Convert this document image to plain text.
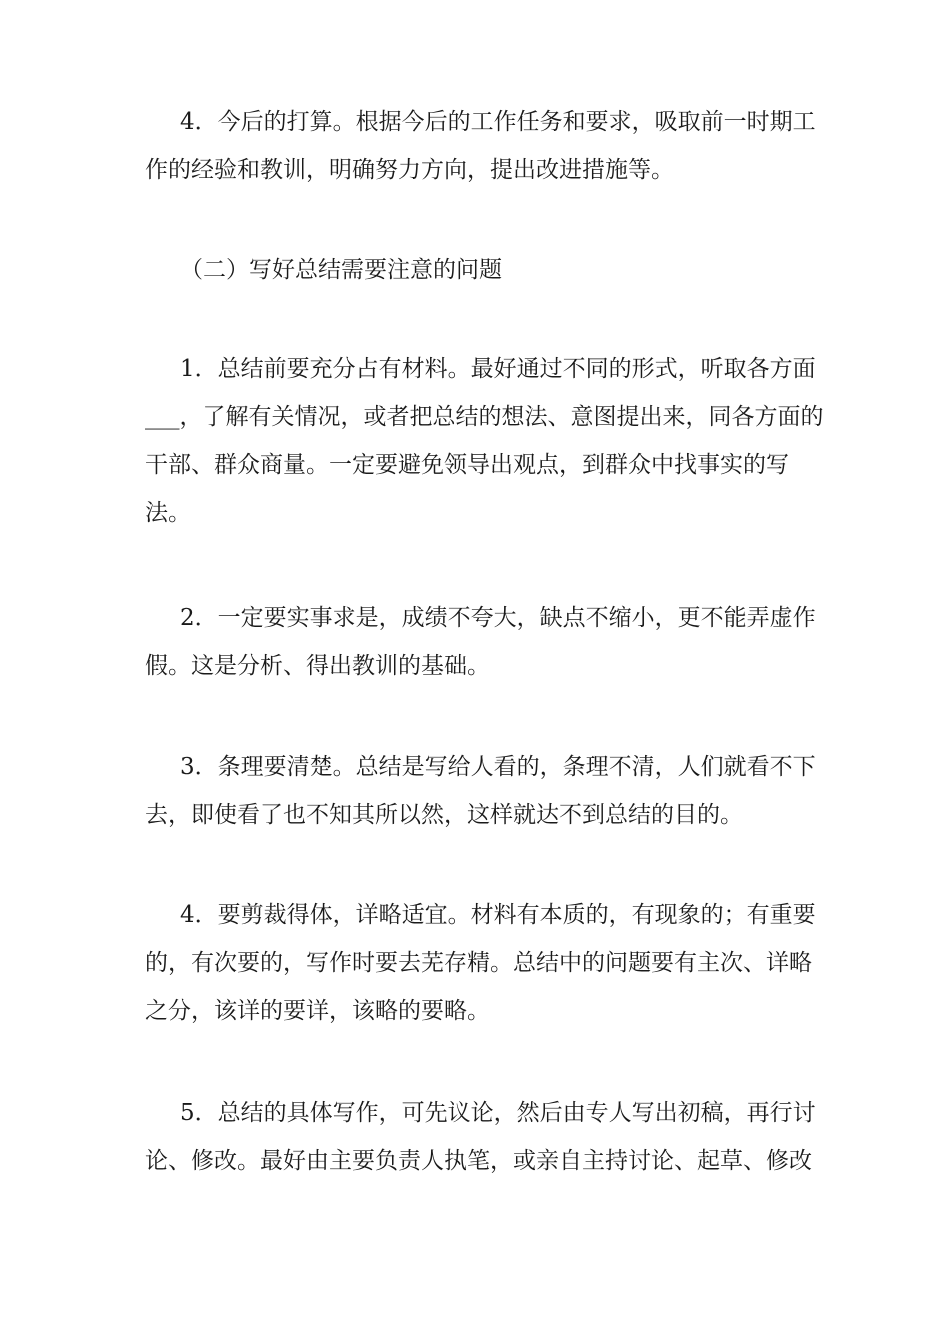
4．今后的打算。根据今后的工作任务和要求，吸取前一时期工
作的经验和教训，明确努力方向，提出改进措施等。
（二）写好总结需要注意的问题
1．总结前要充分占有材料。最好通过不同的形式，听取各方面
___，了解有关情况，或者把总结的想法、意图提出来，同各方面的
干部、群众商量。一定要避免领导出观点，到群众中找事实的写
法。
2．一定要实事求是，成绩不夸大，缺点不缩小，更不能弄虚作
假。这是分析、得出教训的基础。
3．条理要清楚。总结是写给人看的，条理不清，人们就看不下
去，即使看了也不知其所以然，这样就达不到总结的目的。
4．要剪裁得体，详略适宜。材料有本质的，有现象的；有重要
的，有次要的，写作时要去芜存精。总结中的问题要有主次、详略
之分，该详的要详，该略的要略。
5．总结的具体写作，可先议论，然后由专人写出初稿，再行讨
论、修改。最好由主要负责人执笔，或亲自主持讨论、起草、修改
